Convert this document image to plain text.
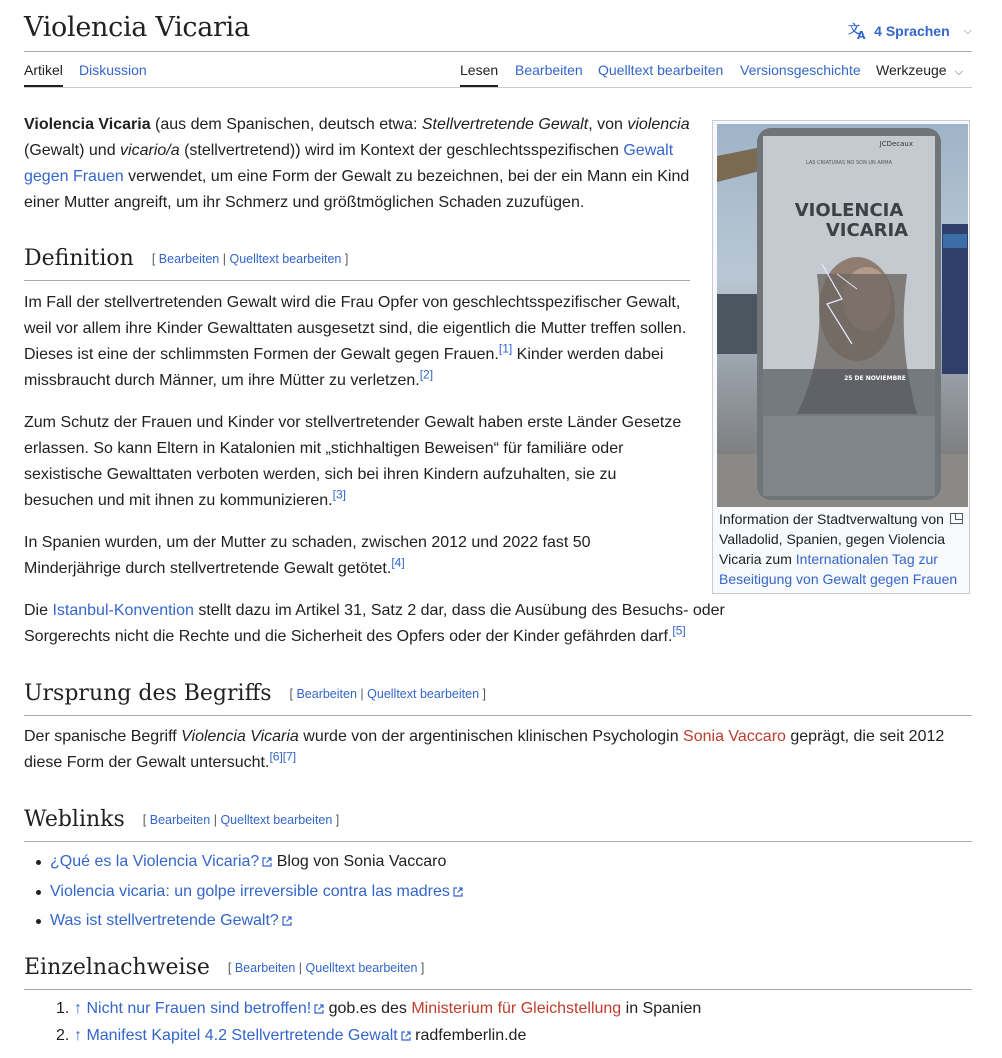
Violencia Vicaria	文
A 4 Sprachen ⌵
Artikel Diskussion	Lesen Bearbeiten Quelltext bearbeiten Versionsgeschichte Werkzeuge ⌵

Violencia Vicaria (aus dem Spanischen, deutsch etwa: Stellvertretende Gewalt, von violencia (Gewalt) und vicario/a (stellvertretend)) wird im Kontext der geschlechtsspezifischen Gewalt gegen Frauen verwendet, um eine Form der Gewalt zu bezeichnen, bei der ein Mann ein Kind einer Mutter angreift, um ihr Schmerz und größtmöglichen Schaden zuzufügen.

Definition [ Bearbeiten | Quelltext bearbeiten ]

Im Fall der stellvertretenden Gewalt wird die Frau Opfer von geschlechtsspezifischer Gewalt, weil vor allem ihre Kinder Gewalttaten ausgesetzt sind, die eigentlich die Mutter treffen sollen. Dieses ist eine der schlimmsten Formen der Gewalt gegen Frauen.[1] Kinder werden dabei missbraucht durch Männer, um ihre Mütter zu verletzen.[2]

Zum Schutz der Frauen und Kinder vor stellvertretender Gewalt haben erste Länder Gesetze erlassen. So kann Eltern in Katalonien mit „stichhaltigen Beweisen“ für familiäre oder sexistische Gewalttaten verboten werden, sich bei ihren Kindern aufzuhalten, sie zu besuchen und mit ihnen zu kommunizieren.[3]

In Spanien wurden, um der Mutter zu schaden, zwischen 2012 und 2022 fast 50 Minderjährige durch stellvertretende Gewalt getötet.[4]

Die Istanbul-Konvention stellt dazu im Artikel 31, Satz 2 dar, dass die Ausübung des Besuchs- oder Sorgerechts nicht die Rechte und die Sicherheit des Opfers oder der Kinder gefährden darf.[5]

Ursprung des Begriffs [ Bearbeiten | Quelltext bearbeiten ]

Der spanische Begriff Violencia Vicaria wurde von der argentinischen klinischen Psychologin Sonia Vaccaro geprägt, die seit 2012 diese Form der Gewalt untersucht.[6][7]

Weblinks [ Bearbeiten | Quelltext bearbeiten ]
¿Qué es la Violencia Vicaria? Blog von Sonia Vaccaro
Violencia vicaria: un golpe irreversible contra las madres
Was ist stellvertretende Gewalt?
Einzelnachweise [ Bearbeiten | Quelltext bearbeiten ]
1. ↑ Nicht nur Frauen sind betroffen! gob.es des Ministerium für Gleichstellung in Spanien
2. ↑ Manifest Kapitel 4.2 Stellvertretende Gewalt radfemberlin.de
JCDecaux
LAS CRIATURAS NO SON UN ARMA
VIOLENCIA
VICARIA
25 DE NOVIEMBRE
Information der Stadtverwaltung von Valladolid, Spanien, gegen Violencia Vicaria zum Internationalen Tag zur Beseitigung von Gewalt gegen Frauen
